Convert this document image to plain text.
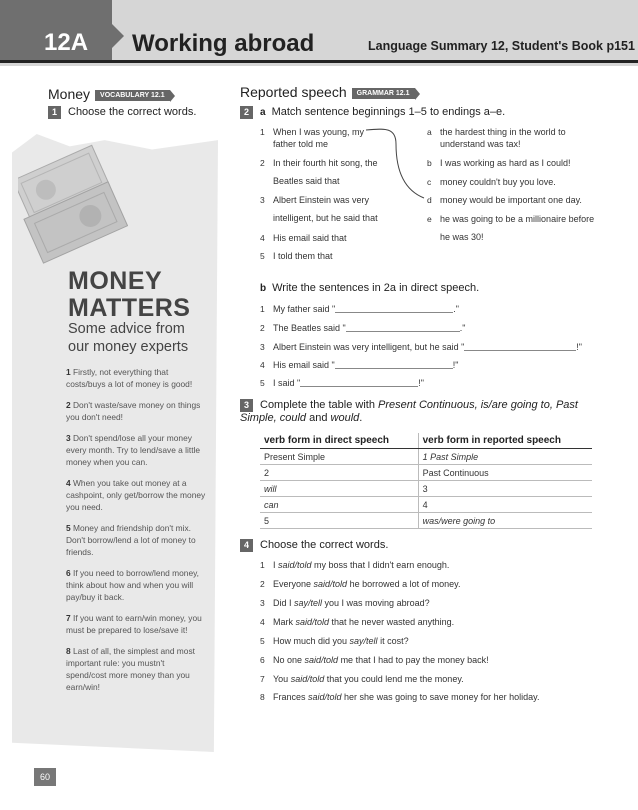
12A Working abroad	Language Summary 12, Student's Book p151
Money VOCABULARY 12.1
1 Choose the correct words.
MONEY MATTERS
Some advice from our money experts
1 Firstly, not everything that costs/buys a lot of money is good!
2 Don't waste/save money on things you don't need!
3 Don't spend/lose all your money every month. Try to lend/save a little money when you can.
4 When you take out money at a cashpoint, only get/borrow the money you need.
5 Money and friendship don't mix. Don't borrow/lend a lot of money to friends.
6 If you need to borrow/lend money, think about how and when you will pay/buy it back.
7 If you want to earn/win money, you must be prepared to lose/save it!
8 Last of all, the simplest and most important rule: you mustn't spend/cost more money than you earn/win!
60
Reported speech GRAMMAR 12.1
2 a Match sentence beginnings 1–5 to endings a–e.
1 When I was young, my father told me
2 In their fourth hit song, the Beatles said that
3 Albert Einstein was very intelligent, but he said that
4 His email said that
5 I told them that
a the hardest thing in the world to understand was tax!
b I was working as hard as I could!
c money couldn't buy you love.
d money would be important one day.
e he was going to be a millionaire before he was 30!
b Write the sentences in 2a in direct speech.
1 My father said "	."
2 The Beatles said "	."
3 Albert Einstein was very intelligent, but he said "	!"
4 His email said "	!"
5 I said "	!"
3 Complete the table with Present Continuous, is/are going to, Past Simple, could and would.
verb form in direct speech	verb form in reported speech
Present Simple	1 Past Simple
2	Past Continuous
will	3
can	4
5	was/were going to
4 Choose the correct words.
1 I said/told my boss that I didn't earn enough.
2 Everyone said/told he borrowed a lot of money.
3 Did I say/tell you I was moving abroad?
4 Mark said/told that he never wasted anything.
5 How much did you say/tell it cost?
6 No one said/told me that I had to pay the money back!
7 You said/told that you could lend me the money.
8 Frances said/told her she was going to save money for her holiday.
